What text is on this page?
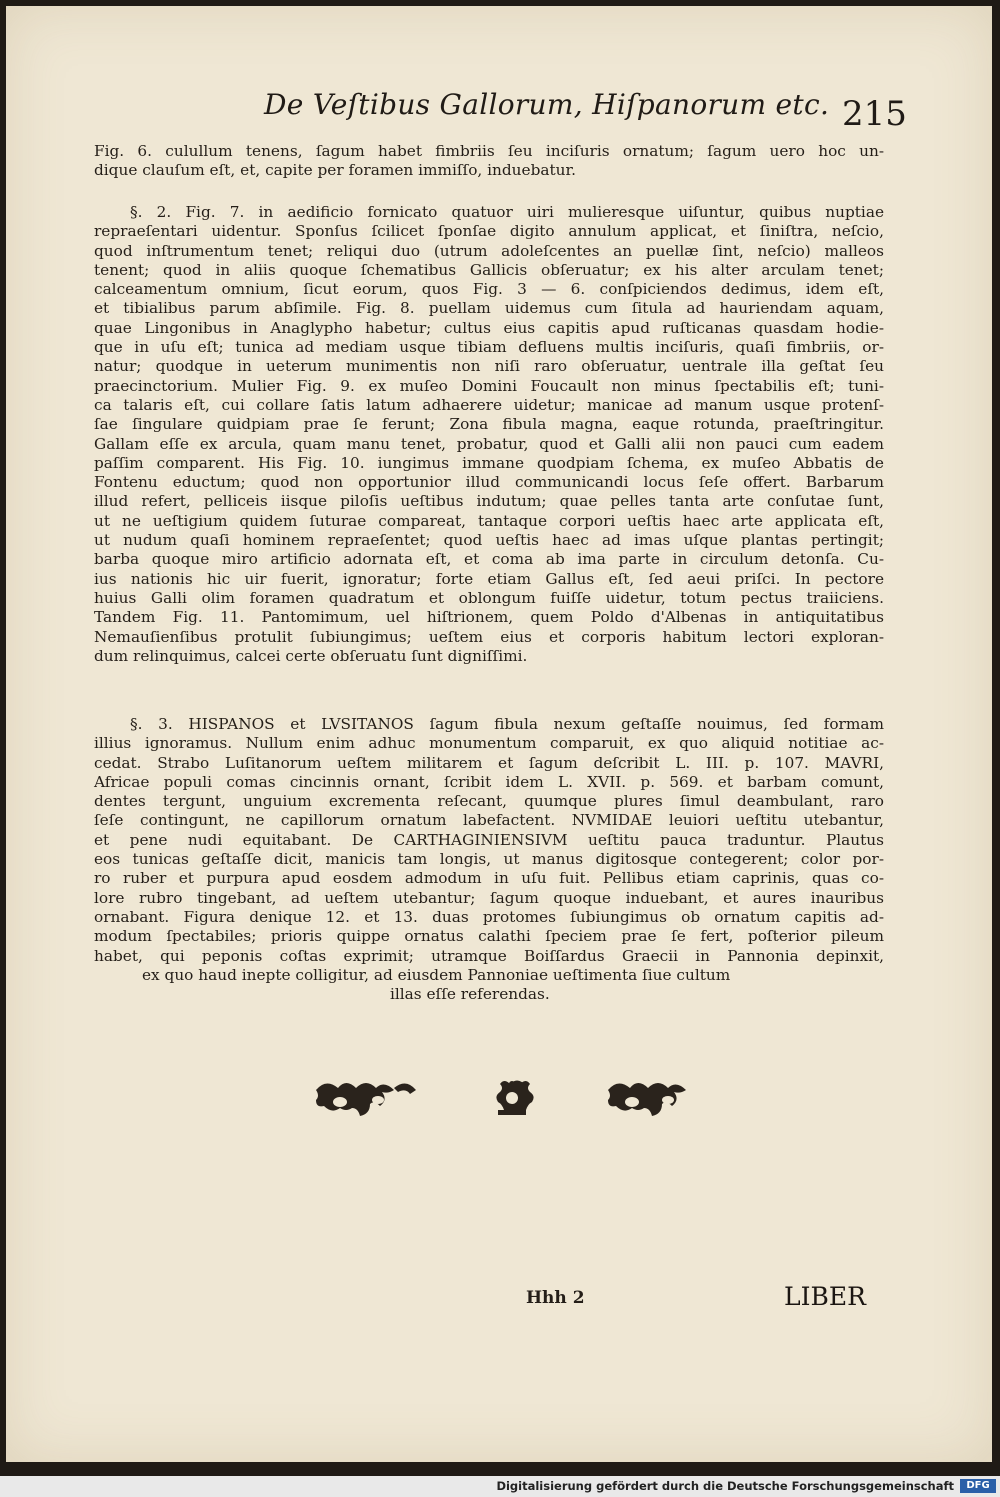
De Veſtibus Gallorum, Hiſpanorum etc. 215
Fig. 6. culullum tenens, ſagum habet fimbriis ſeu inciſuris ornatum; ſagum uero hoc un-
dique clauſum eſt, et, capite per foramen immiſſo, induebatur.
§. 2. Fig. 7. in aedificio fornicato quatuor uiri mulieresque uiſuntur, quibus nuptiae
repraeſentari uidentur. Sponſus ſcilicet ſponſae digito annulum applicat, et ſiniſtra, neſcio,
quod inſtrumentum tenet; reliqui duo (utrum adoleſcentes an puellæ ſint, neſcio) malleos
tenent; quod in aliis quoque ſchematibus Gallicis obſeruatur; ex his alter arculam tenet;
calceamentum omnium, ſicut eorum, quos Fig. 3 — 6. conſpiciendos dedimus, idem eſt,
et tibialibus parum abſimile. Fig. 8. puellam uidemus cum ſitula ad hauriendam aquam,
quae Lingonibus in Anaglypho habetur; cultus eius capitis apud ruſticanas quasdam hodie-
que in uſu eſt; tunica ad mediam usque tibiam defluens multis inciſuris, quaſi fimbriis, or-
natur; quodque in ueterum munimentis non niſi raro obſeruatur, uentrale illa geſtat ſeu
praecinctorium. Mulier Fig. 9. ex muſeo Domini Foucault non minus ſpectabilis eſt; tuni-
ca talaris eſt, cui collare ſatis latum adhaerere uidetur; manicae ad manum usque protenſ-
ſae ſingulare quidpiam prae ſe ferunt; Zona fibula magna, eaque rotunda, praeſtringitur.
Gallam eſſe ex arcula, quam manu tenet, probatur, quod et Galli alii non pauci cum eadem
paſſim comparent. His Fig. 10. iungimus immane quodpiam ſchema, ex muſeo Abbatis de
Fontenu eductum; quod non opportunior illud communicandi locus ſeſe offert. Barbarum
illud refert, pelliceis iisque piloſis ueſtibus indutum; quae pelles tanta arte conſutae ſunt,
ut ne ueſtigium quidem ſuturae compareat, tantaque corpori ueſtis haec arte applicata eſt,
ut nudum quaſi hominem repraeſentet; quod ueſtis haec ad imas uſque plantas pertingit;
barba quoque miro artificio adornata eſt, et coma ab ima parte in circulum detonſa. Cu-
ius nationis hic uir fuerit, ignoratur; forte etiam Gallus eſt, ſed aeui priſci. In pectore
huius Galli olim foramen quadratum et oblongum fuiſſe uidetur, totum pectus traiiciens.
Tandem Fig. 11. Pantomimum, uel hiſtrionem, quem Poldo d'Albenas in antiquitatibus
Nemauſienſibus protulit ſubiungimus; ueſtem eius et corporis habitum lectori exploran-
dum relinquimus, calcei certe obſeruatu ſunt digniſſimi.
§. 3. HISPANOS et LVSITANOS ſagum fibula nexum geſtaſſe nouimus, ſed formam
illius ignoramus. Nullum enim adhuc monumentum comparuit, ex quo aliquid notitiae ac-
cedat. Strabo Luſitanorum ueſtem militarem et ſagum deſcribit L. III. p. 107. MAVRI,
Africae populi comas cincinnis ornant, ſcribit idem L. XVII. p. 569. et barbam comunt,
dentes tergunt, unguium excrementa reſecant, quumque plures ſimul deambulant, raro
ſeſe contingunt, ne capillorum ornatum labefactent. NVMIDAE leuiori ueſtitu utebantur,
et pene nudi equitabant. De CARTHAGINIENSIVM ueſtitu pauca traduntur. Plautus
eos tunicas geſtaſſe dicit, manicis tam longis, ut manus digitosque contegerent; color por-
ro ruber et purpura apud eosdem admodum in uſu fuit. Pellibus etiam caprinis, quas co-
lore rubro tingebant, ad ueſtem utebantur; ſagum quoque induebant, et aures inauribus
ornabant. Figura denique 12. et 13. duas protomes ſubiungimus ob ornatum capitis ad-
modum ſpectabiles; prioris quippe ornatus calathi ſpeciem prae ſe fert, poſterior pileum
habet, qui peponis coſtas exprimit; utramque Boiſſardus Graecii in Pannonia depinxit,
ex quo haud inepte colligitur, ad eiusdem Pannoniae ueſtimenta ſiue cultum
illas eſſe referendas.
Hhh 2	LIBER
Digitalisierung gefördert durch die Deutsche Forschungsgemeinschaft	DFG
